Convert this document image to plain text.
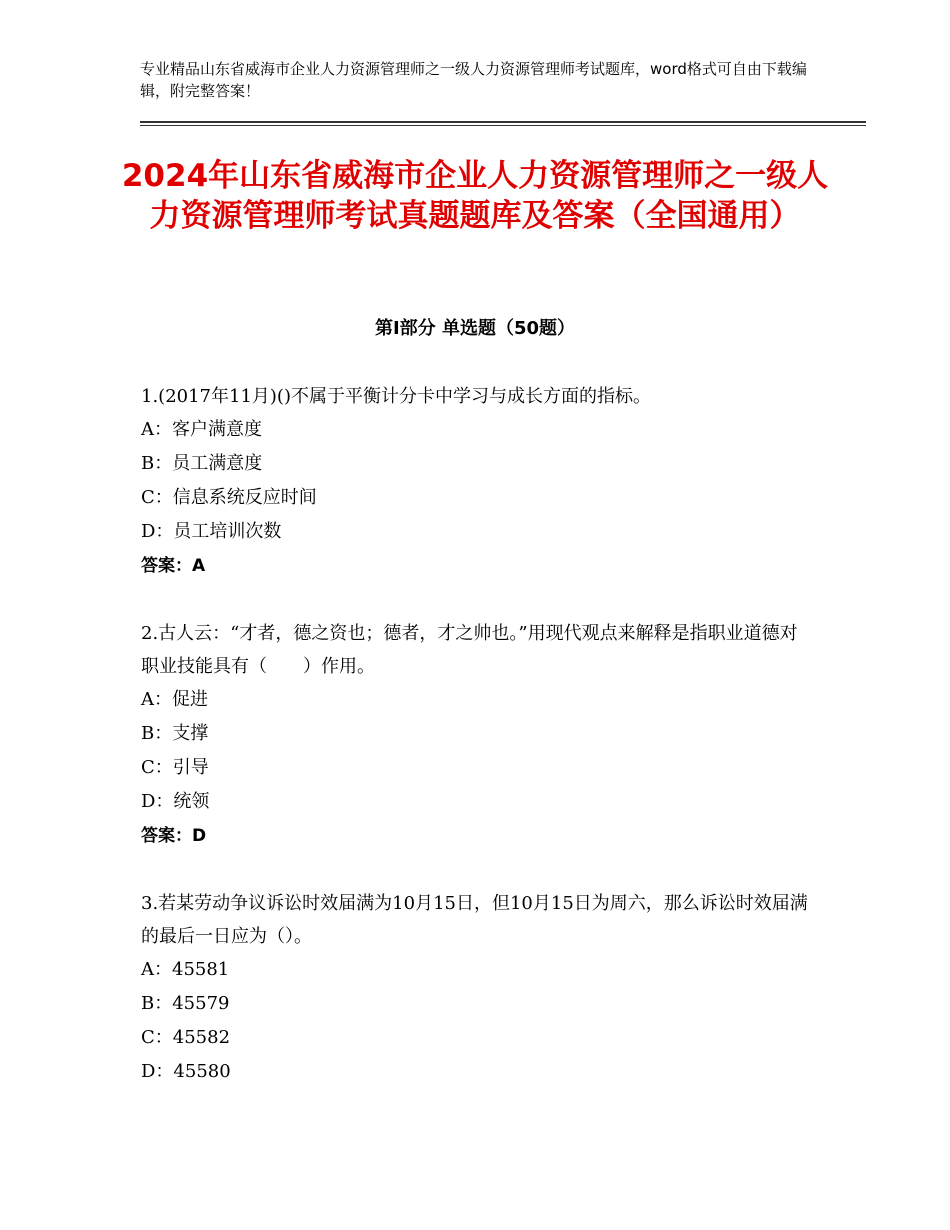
专业精品山东省威海市企业人力资源管理师之一级人力资源管理师考试题库，word格式可自由下载编辑，附完整答案！
2024年山东省威海市企业人力资源管理师之一级人力资源管理师考试真题题库及答案（全国通用）
第Ⅰ部分 单选题（50题）
1.(2017年11月)()不属于平衡计分卡中学习与成长方面的指标。
A：客户满意度
B：员工满意度
C：信息系统反应时间
D：员工培训次数
答案：A
2.古人云：“才者，德之资也；德者，才之帅也。”用现代观点来解释是指职业道德对职业技能具有（　　）作用。
A：促进
B：支撑
C：引导
D：统领
答案：D
3.若某劳动争议诉讼时效届满为10月15日，但10月15日为周六，那么诉讼时效届满的最后一日应为（）。
A：45581
B：45579
C：45582
D：45580
